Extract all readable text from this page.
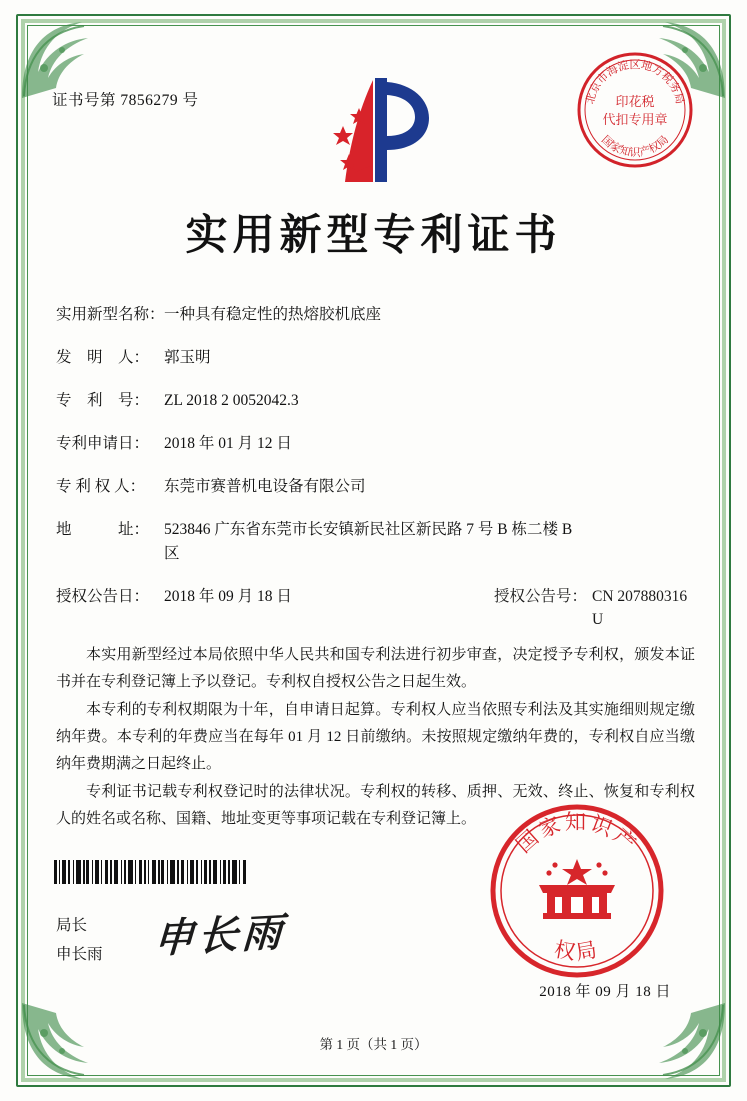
证书号第 7856279 号	北京市海淀区地方税务局
印花税
代扣专用章
国家知识产权局
实用新型专利证书
实用新型名称： 一种具有稳定性的热熔胶机底座
发　明　人： 郭玉明
专　利　号： ZL 2018 2 0052042.3
专利申请日： 2018 年 01 月 12 日
专 利 权 人：	东莞市赛普机电设备有限公司
地　　　址： 523846 广东省东莞市长安镇新民社区新民路 7 号 B 栋二楼 B
区
授权公告日： 2018 年 09 月 18 日	授权公告号： CN 207880316 U

本实用新型经过本局依照中华人民共和国专利法进行初步审查，决定授予专利权，颁发本证书并在专利登记簿上予以登记。专利权自授权公告之日起生效。

本专利的专利权期限为十年，自申请日起算。专利权人应当依照专利法及其实施细则规定缴纳年费。本专利的年费应当在每年 01 月 12 日前缴纳。未按照规定缴纳年费的，专利权自应当缴纳年费期满之日起终止。

专利证书记载专利权登记时的法律状况。专利权的转移、质押、无效、终止、恢复和专利权人的姓名或名称、国籍、地址变更等事项记载在专利登记簿上。

局长
申长雨 申长雨
国家知识产
权局
2018 年 09 月 18 日
第 1 页（共 1 页）
